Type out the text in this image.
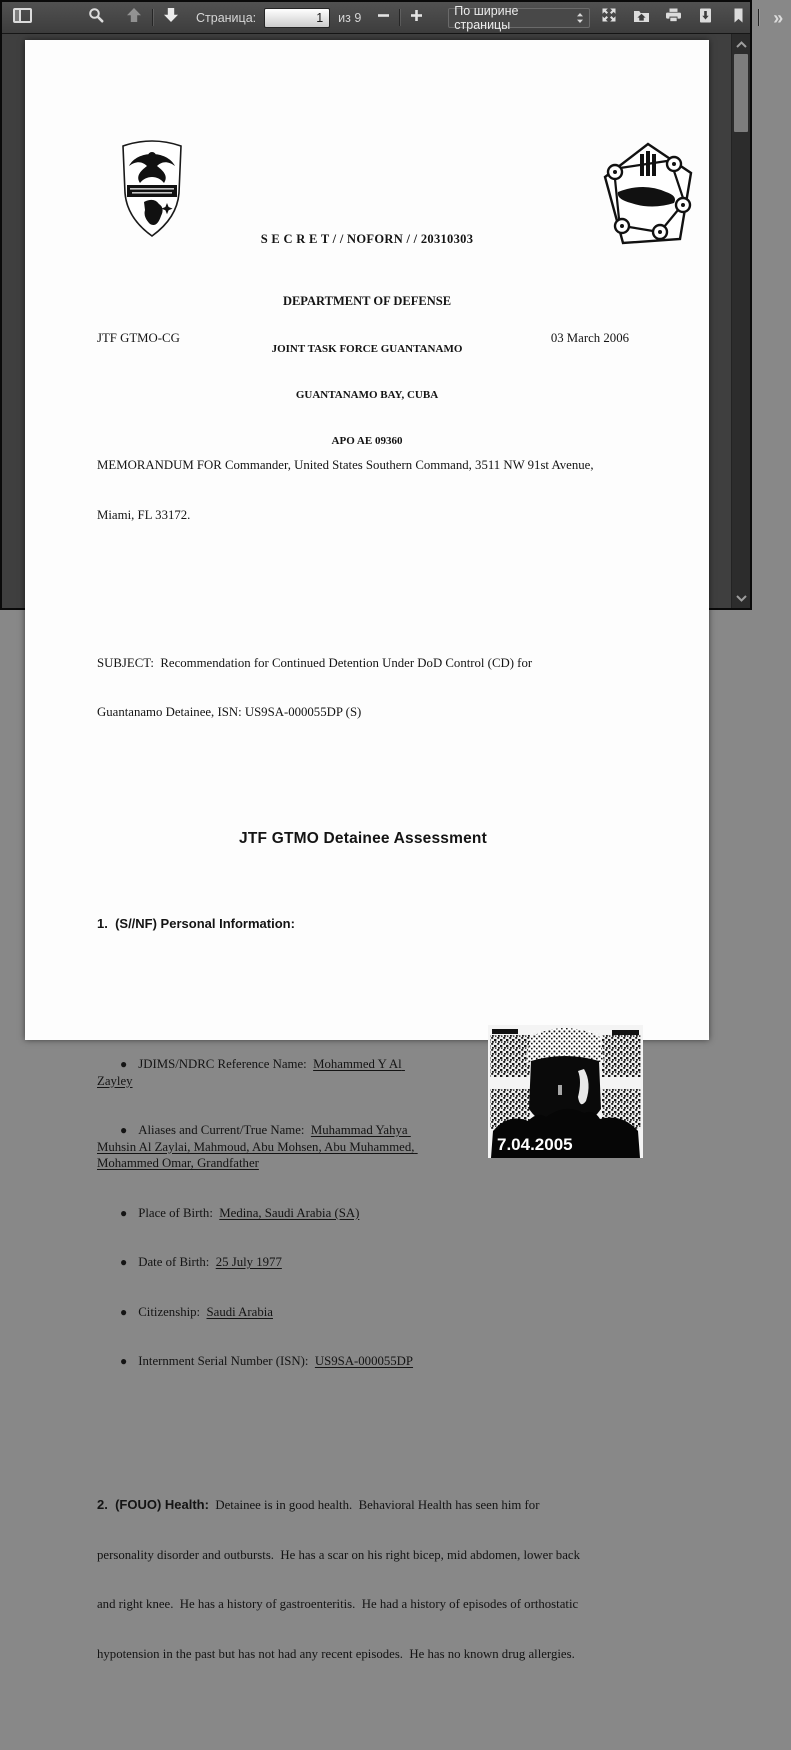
Страница:
1	из 9	По ширине страницы	»

S E C R E T / / NOFORN / / 20310303

DEPARTMENT OF DEFENSE

JOINT TASK FORCE GUANTANAMO

GUANTANAMO BAY, CUBA

APO AE 09360

JTF GTMO-CG	03 March 2006

MEMORANDUM FOR Commander, United States Southern Command, 3511 NW 91st Avenue,

Miami, FL 33172.

SUBJECT:  Recommendation for Continued Detention Under DoD Control (CD) for

Guantanamo Detainee, ISN: US9SA-000055DP (S)

JTF GTMO Detainee Assessment

1.  (S//NF) Personal Information:

7.04.2005

● JDIMS/NDRC Reference Name: Mohammed Y Al Zayley

● Aliases and Current/True Name: Muhammad Yahya Muhsin Al Zaylai, Mahmoud, Abu Mohsen, Abu Muhammed, Mohammed Omar, Grandfather

● Place of Birth: Medina, Saudi Arabia (SA)

● Date of Birth: 25 July 1977

● Citizenship: Saudi Arabia

● Internment Serial Number (ISN): US9SA-000055DP

2.  (FOUO) Health: Detainee is in good health.  Behavioral Health has seen him for

personality disorder and outbursts.  He has a scar on his right bicep, mid abdomen, lower back

and right knee.  He has a history of gastroenteritis.  He had a history of episodes of orthostatic

hypotension in the past but has not had any recent episodes.  He has no known drug allergies.
